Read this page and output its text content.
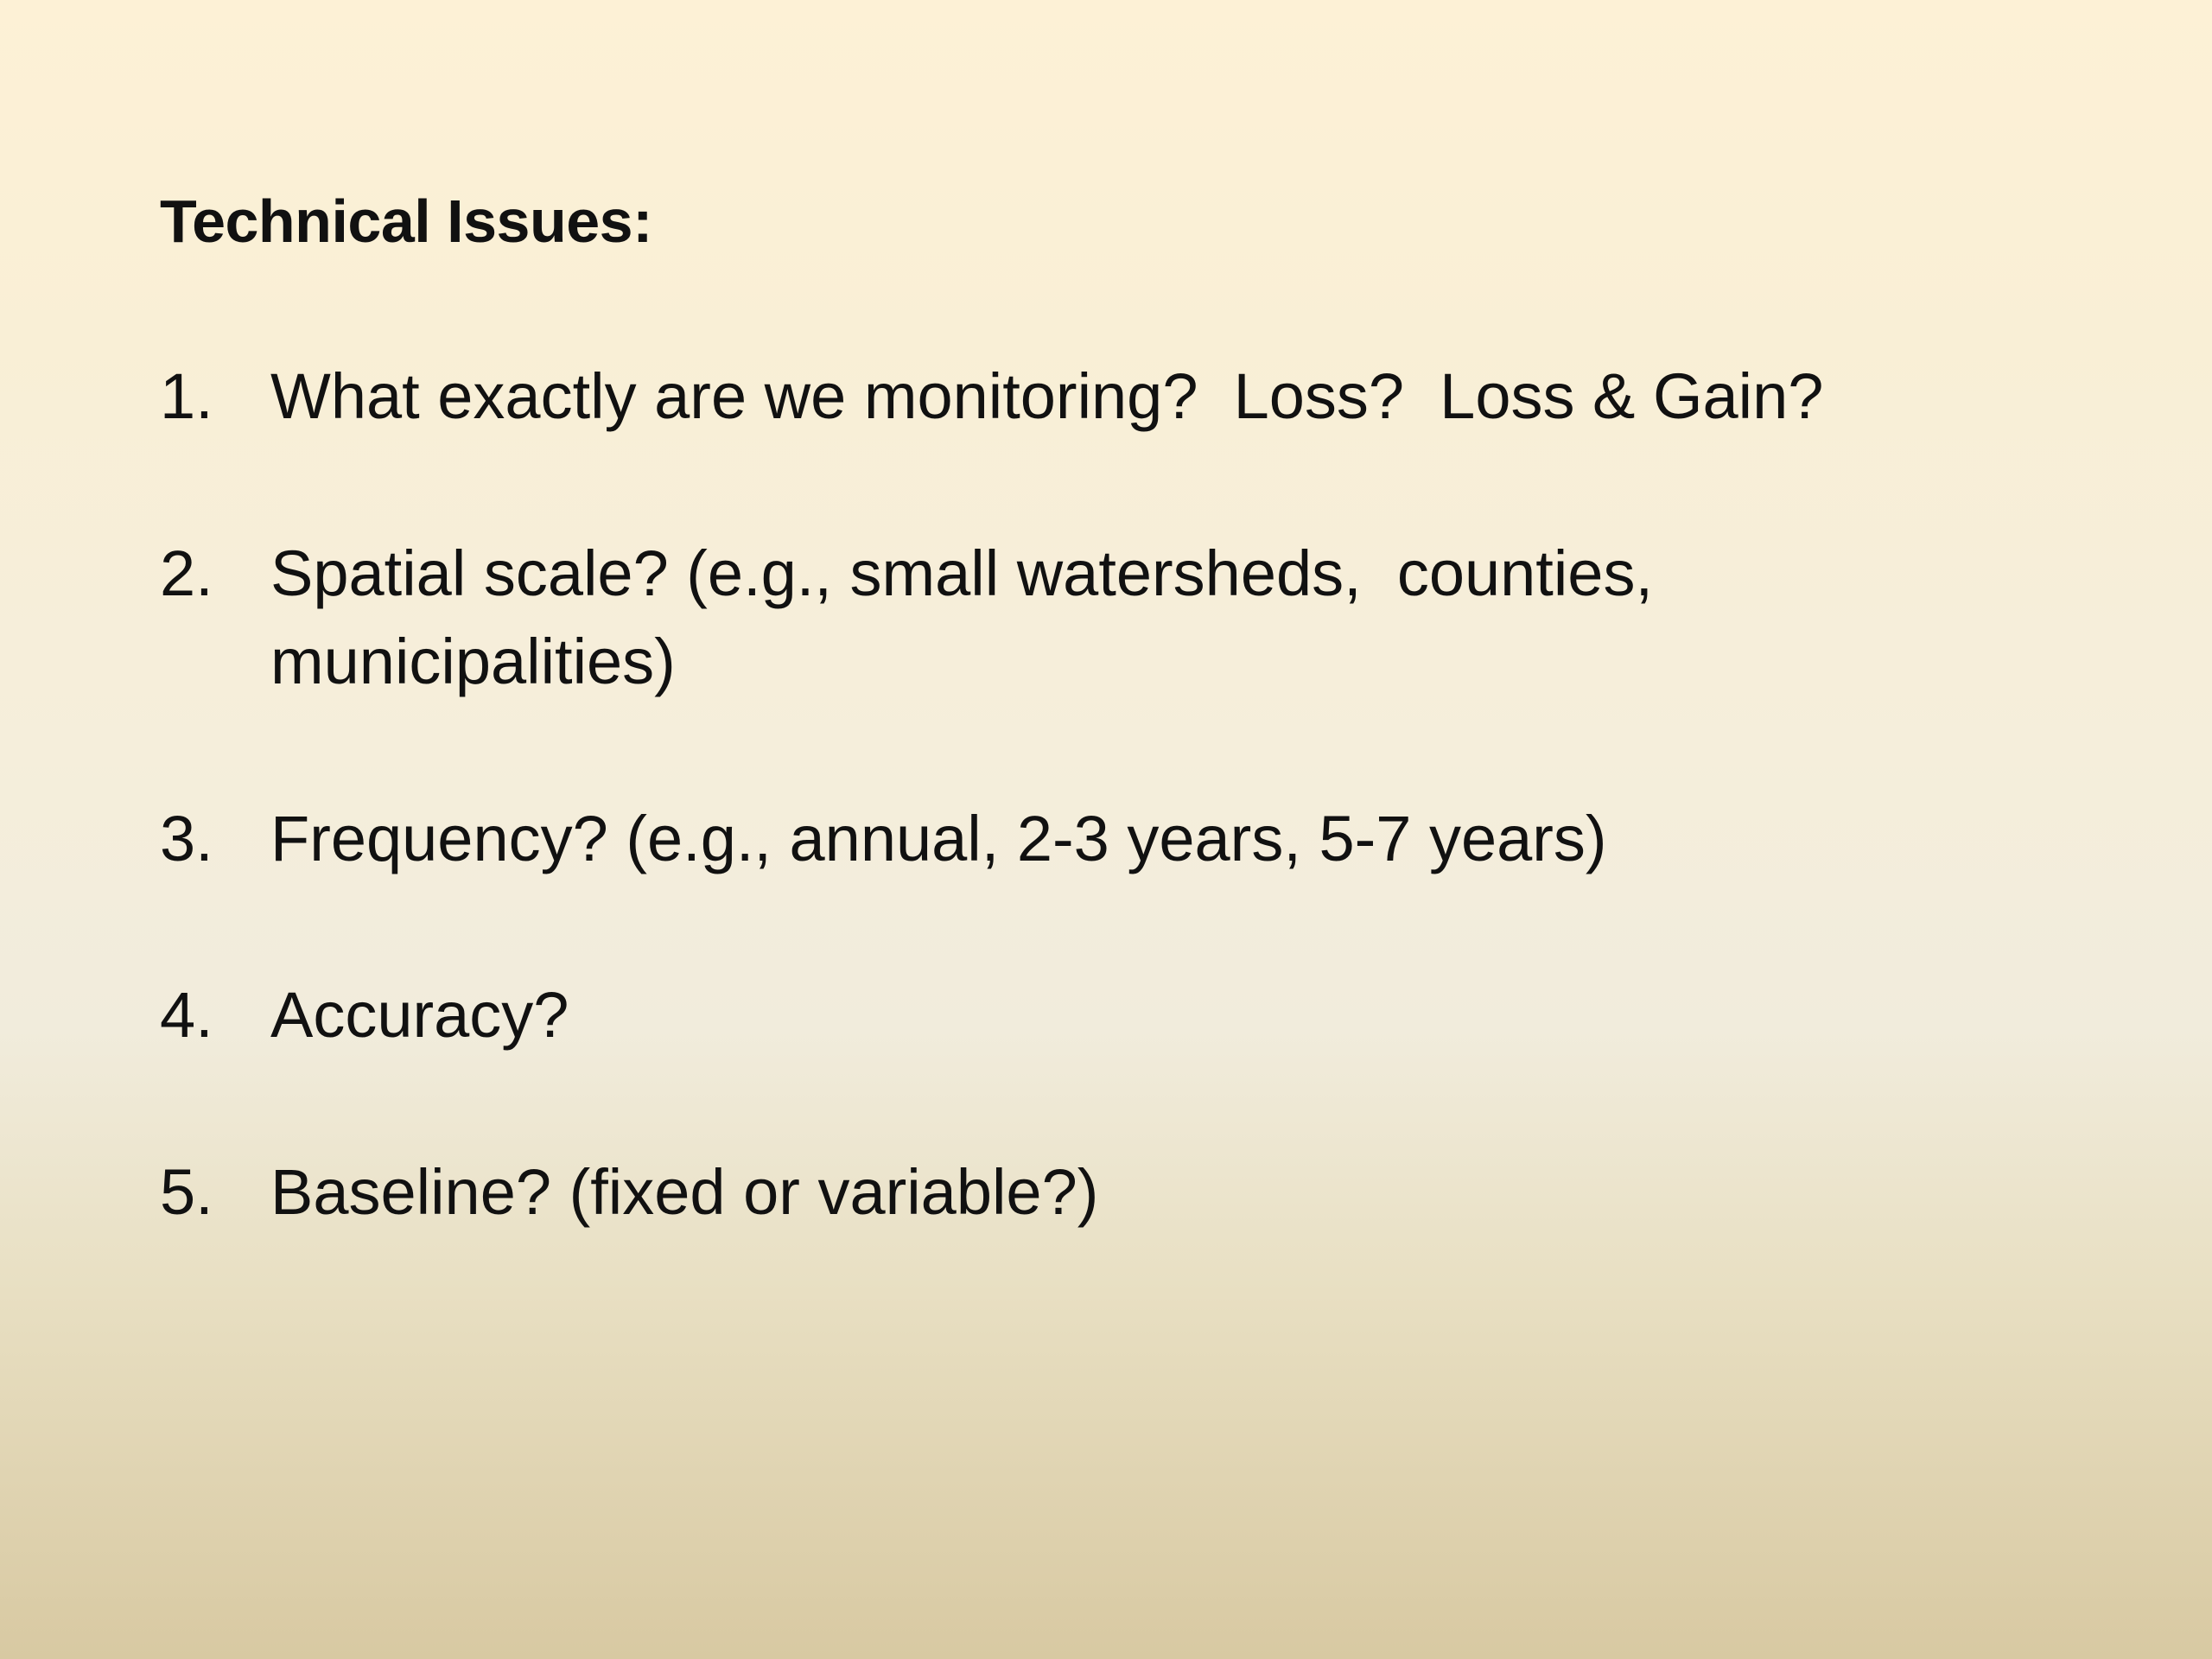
Technical Issues:
1. What exactly are we monitoring?  Loss?  Loss & Gain?
2. Spatial scale? (e.g., small watersheds,  counties,
municipalities)
3. Frequency? (e.g., annual, 2-3 years, 5-7 years)
4. Accuracy?
5. Baseline? (fixed or variable?)
